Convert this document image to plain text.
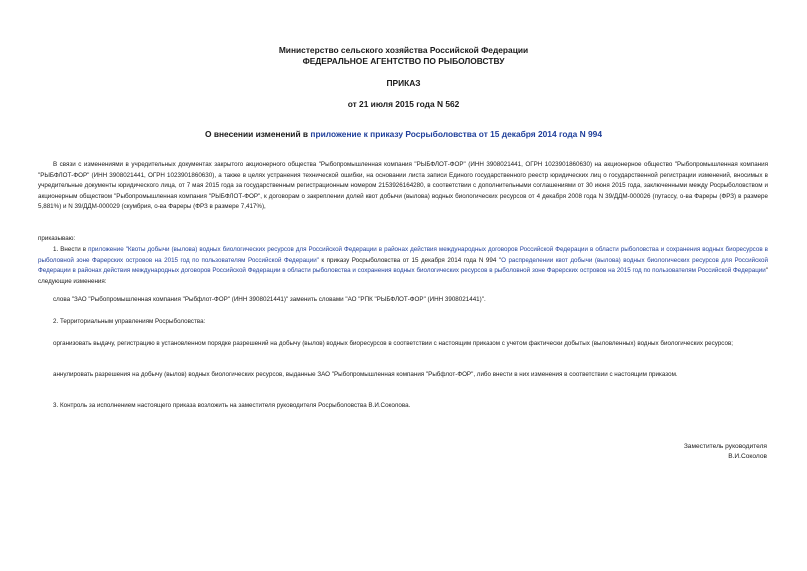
Министерство сельского хозяйства Российской Федерации
ФЕДЕРАЛЬНОЕ АГЕНТСТВО ПО РЫБОЛОВСТВУ
ПРИКАЗ
от 21 июля 2015 года N 562
О внесении изменений в приложение к приказу Росрыболовства от 15 декабря 2014 года N 994

В связи с изменениями в учредительных документах закрытого акционерного общества "Рыбопромышленная компания "РЫБФЛОТ-ФОР" (ИНН 3908021441, ОГРН 1023901860630) на акционерное общество "Рыбопромышленная компания "РЫБФЛОТ-ФОР" (ИНН 3908021441, ОГРН 1023901860630), а также в целях устранения технической ошибки, на основании листа записи Единого государственного реестр юридических лиц о государственной регистрации изменений, вносимых в учредительные документы юридического лица, от 7 мая 2015 года за государственным регистрационным номером 2153926164280, в соответствии с дополнительными соглашениями от 30 июня 2015 года, заключенными между Росрыболовством и акционерным обществом "Рыбопромышленная компания "РЫБФЛОТ-ФОР", к договорам о закреплении долей квот добычи (вылова) водных биологических ресурсов от 4 декабря 2008 года N 39/ДДМ-000026 (путассу, о-ва Фареры (ФРЗ) в размере 5,881%) и N 39/ДДМ-000029 (скумбрия, о-ва Фареры (ФРЗ в размере 7,417%),

приказываю:

1. Внести в приложение "Квоты добычи (вылова) водных биологических ресурсов для Российской Федерации в районах действия международных договоров Российской Федерации в области рыболовства и сохранения водных биоресурсов в рыболовной зоне Фарерских островов на 2015 год по пользователям Российской Федерации" к приказу Росрыболовства от 15 декабря 2014 года N 994 "О распределении квот добычи (вылова) водных биологических ресурсов для Российской Федерации в районах действия международных договоров Российской Федерации в области рыболовства и сохранения водных биологических ресурсов в рыболовной зоне Фарерских островов на 2015 год по пользователям Российской Федерации" следующие изменения:

слова "ЗАО "Рыбопромышленная компания "Рыбфлот-ФОР" (ИНН 3908021441)" заменить словами "АО "РПК "РЫБФЛОТ-ФОР" (ИНН 3908021441)".

2. Территориальным управлениям Росрыболовства:

организовать выдачу, регистрацию в установленном порядке разрешений на добычу (вылов) водных биоресурсов в соответствии с настоящим приказом с учетом фактически добытых (выловленных) водных биологических ресурсов;

аннулировать разрешения на добычу (вылов) водных биологических ресурсов, выданные ЗАО "Рыбопромышленная компания "Рыбфлот-ФОР", либо внести в них изменения в соответствии с настоящим приказом.

3. Контроль за исполнением настоящего приказа возложить на заместителя руководителя Росрыболовства В.И.Соколова.

Заместитель руководителя
В.И.Соколов
